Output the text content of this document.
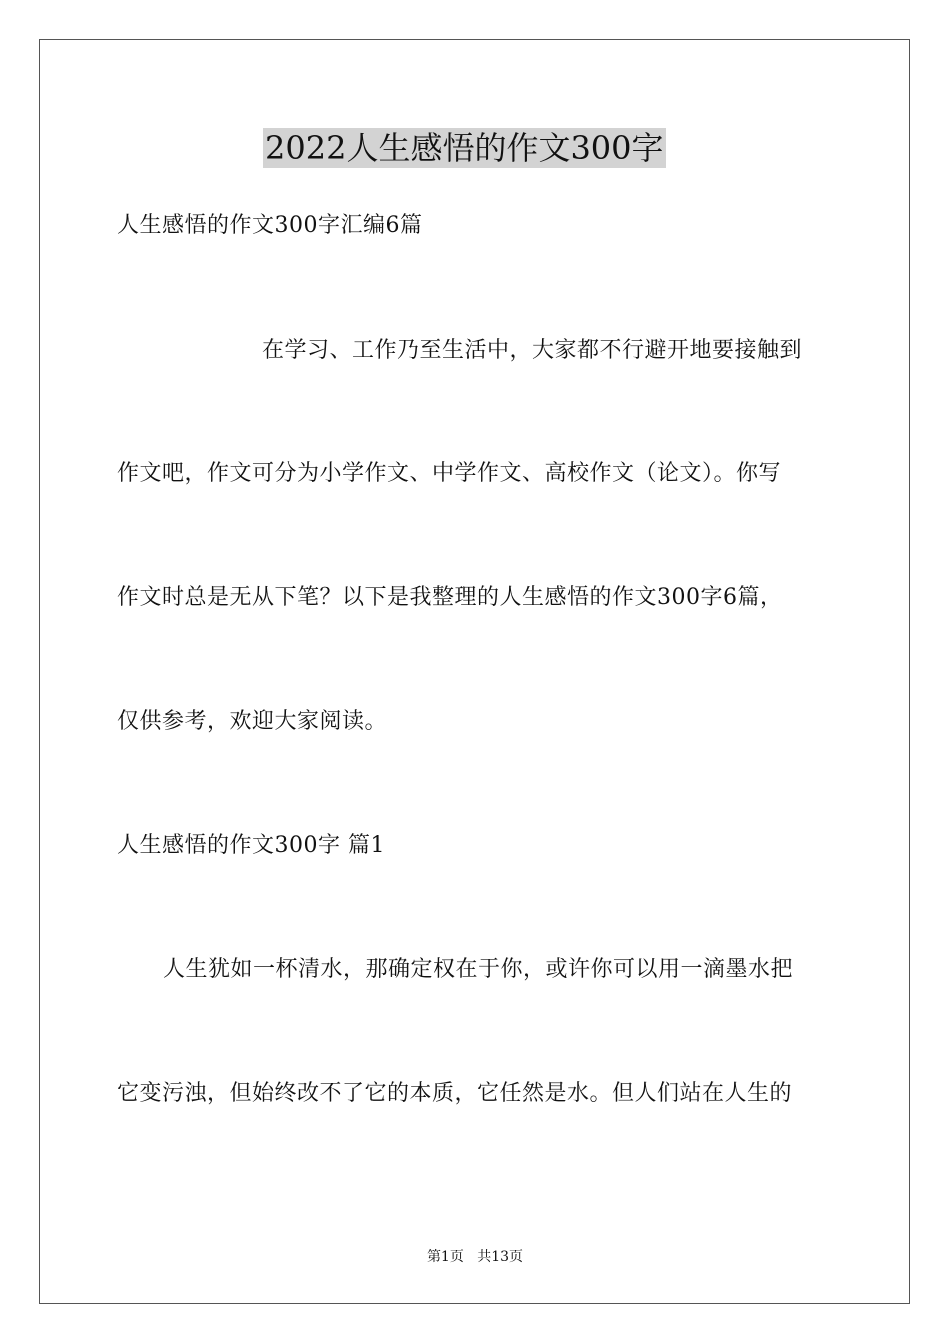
2022人生感悟的作文300字
人生感悟的作文300字汇编6篇
在学习、工作乃至生活中，大家都不行避开地要接触到
作文吧，作文可分为小学作文、中学作文、高校作文（论文）。你写
作文时总是无从下笔？以下是我整理的人生感悟的作文300字6篇，
仅供参考，欢迎大家阅读。
人生感悟的作文300字 篇1
人生犹如一杯清水，那确定权在于你，或许你可以用一滴墨水把
它变污浊，但始终改不了它的本质，它任然是水。但人们站在人生的
第1页 共13页
